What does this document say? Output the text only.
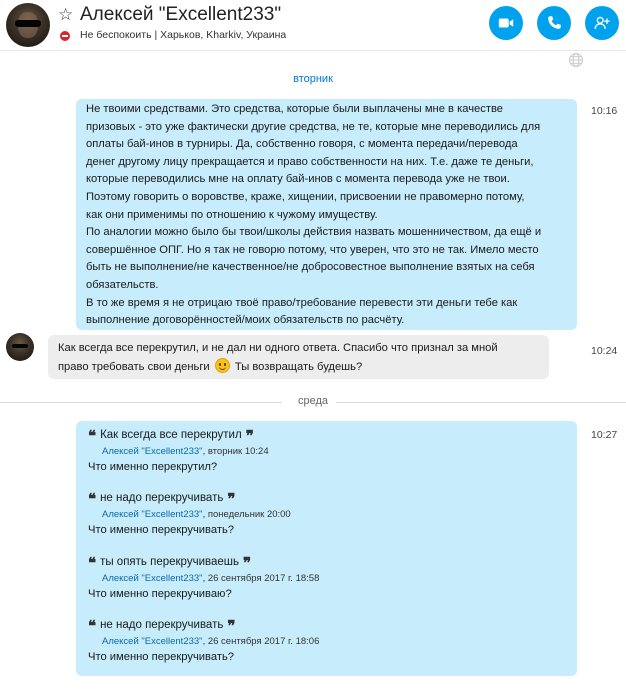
☆ Алексей "Excellent233"
Не беспокоить | Харьков, Kharkiv, Украина
вторник

Не твоими средствами. Это средства, которые были выплачены мне в качестве

призовых - это уже фактически другие средства, не те, которые мне переводились для

оплаты бай-инов в турниры. Да, собственно говоря, с момента передачи/перевода

денег другому лицу прекращается и право собственности на них. Т.е. даже те деньги,

которые переводились мне на оплату бай-инов с момента перевода уже не твои.

Поэтому говорить о воровстве, краже, хищении, присвоении не правомерно потому,

как они применимы по отношению к чужому имуществу.

По аналогии можно было бы твои/школы действия назвать мошенничеством, да ещё и

совершённое ОПГ. Но я так не говорю потому, что уверен, что это не так. Имело место

быть не выполнение/не качественное/не добросовестное выполнение взятых на себя

обязательств.

В то же время я не отрицаю твоё право/требование перевести эти деньги тебе как

выполнение договорённостей/моих обязательств по расчёту.

10:16

Как всегда все перекрутил, и не дал ни одного ответа. Спасибо что признал за мной

право требовать свои деньги  Ты возвращать будешь?

10:24
среда
❝ Как всегда все перекрутил ❞
Алексей "Excellent233", вторник 10:24
Что именно перекрутил?
❝ не надо перекручивать ❞
Алексей "Excellent233", понедельник 20:00
Что именно перекручивать?
❝ ты опять перекручиваешь ❞
Алексей "Excellent233", 26 сентября 2017 г. 18:58
Что именно перекручиваю?
❝ не надо перекручивать ❞
Алексей "Excellent233", 26 сентября 2017 г. 18:06
Что именно перекручивать?
10:27
